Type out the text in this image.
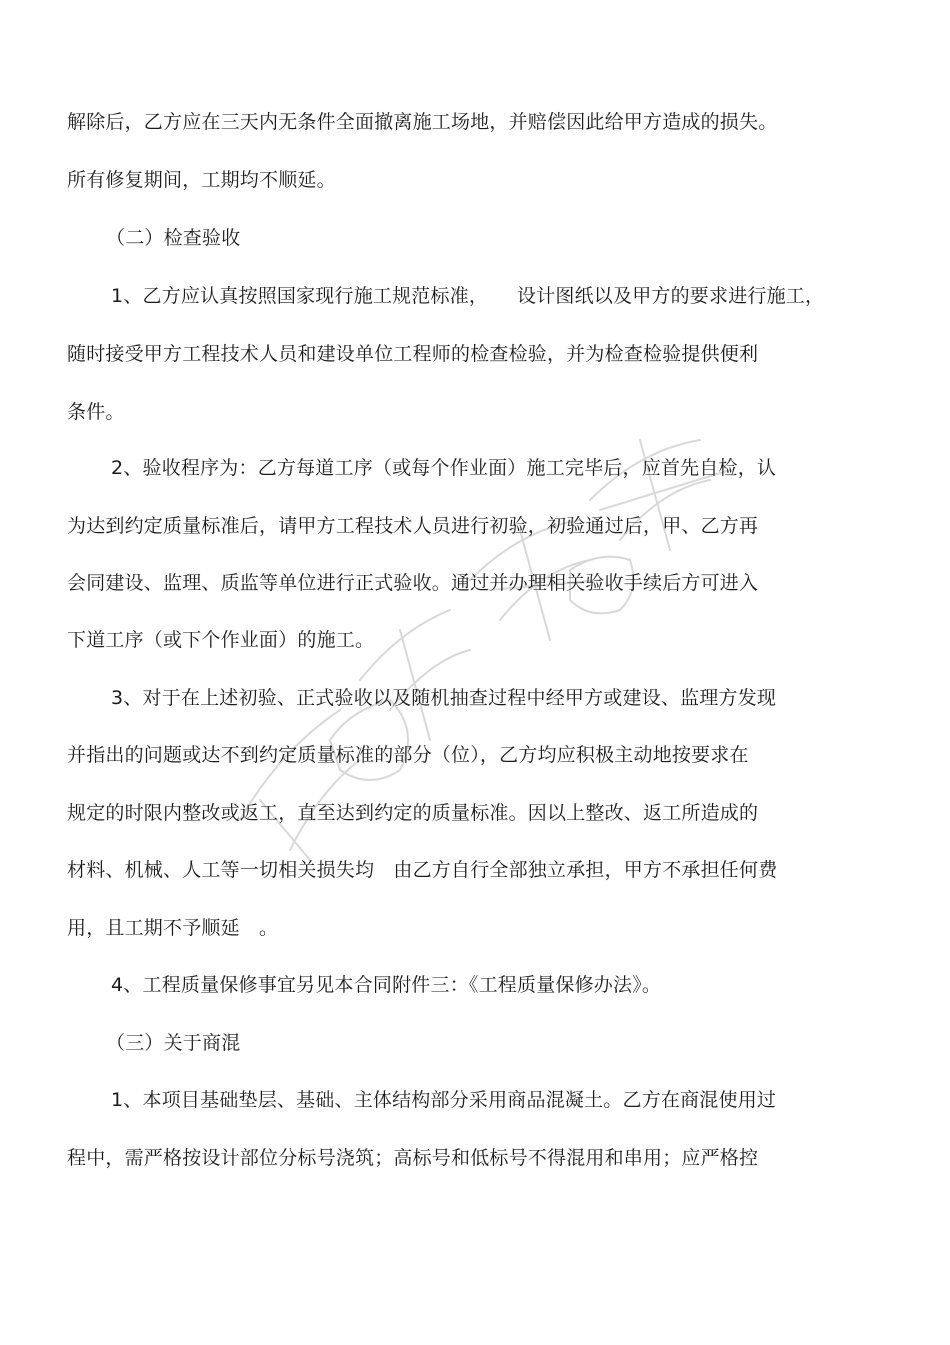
解除后，乙方应在三天内无条件全面撤离施工场地，并赔偿因此给甲方造成的损失。
所有修复期间，工期均不顺延。
（二）检查验收
1、乙方应认真按照国家现行施工规范标准，　　设计图纸以及甲方的要求进行施工，
随时接受甲方工程技术人员和建设单位工程师的检查检验，并为检查检验提供便利
条件。
2、验收程序为：乙方每道工序（或每个作业面）施工完毕后，应首先自检，认
为达到约定质量标准后，请甲方工程技术人员进行初验，初验通过后，甲、乙方再
会同建设、监理、质监等单位进行正式验收。通过并办理相关验收手续后方可进入
下道工序（或下个作业面）的施工。
3、对于在上述初验、正式验收以及随机抽查过程中经甲方或建设、监理方发现
并指出的问题或达不到约定质量标准的部分（位），乙方均应积极主动地按要求在
规定的时限内整改或返工，直至达到约定的质量标准。因以上整改、返工所造成的
材料、机械、人工等一切相关损失均　由乙方自行全部独立承担，甲方不承担任何费
用，且工期不予顺延　。
4、工程质量保修事宜另见本合同附件三：《工程质量保修办法》。
（三）关于商混
1、本项目基础垫层、基础、主体结构部分采用商品混凝土。乙方在商混使用过
程中，需严格按设计部位分标号浇筑；高标号和低标号不得混用和串用；应严格控
